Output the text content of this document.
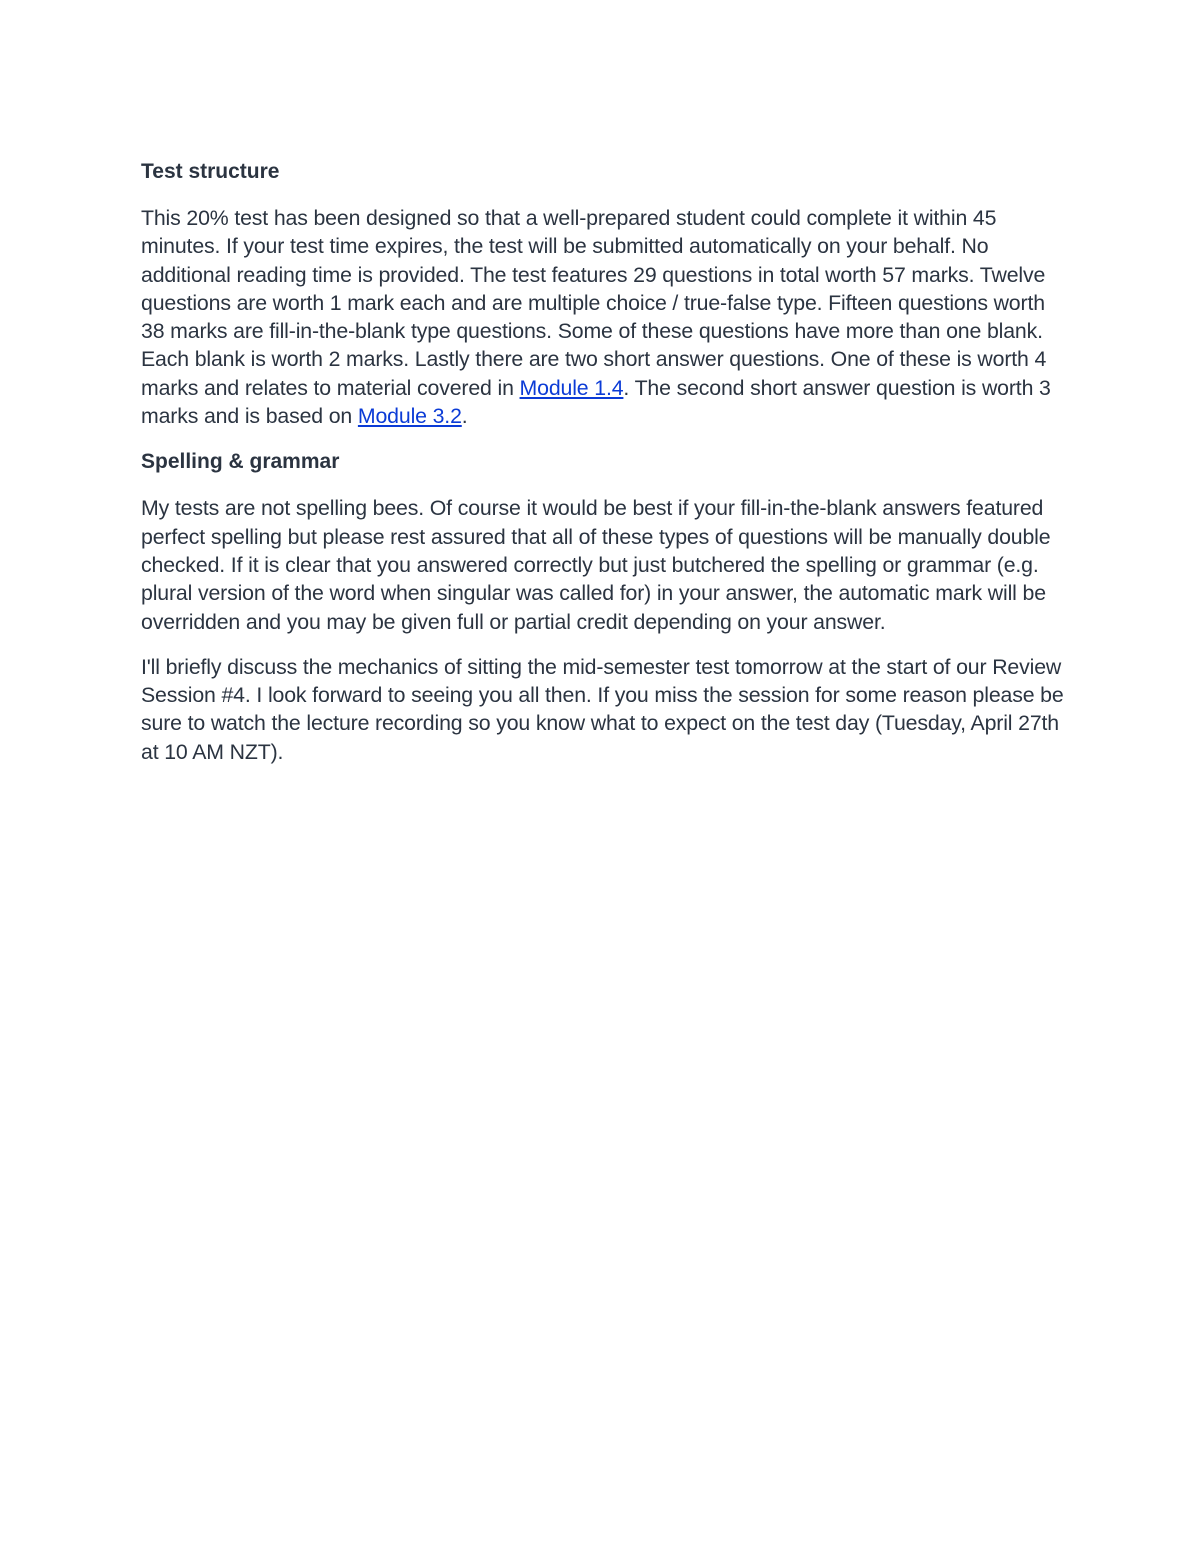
Test structure

This 20% test has been designed so that a well-prepared student could complete it within 45 minutes. If your test time expires, the test will be submitted automatically on your behalf. No additional reading time is provided. The test features 29 questions in total worth 57 marks. Twelve questions are worth 1 mark each and are multiple choice / true-false type. Fifteen questions worth 38 marks are fill-in-the-blank type questions. Some of these questions have more than one blank. Each blank is worth 2 marks. Lastly there are two short answer questions. One of these is worth 4 marks and relates to material covered in Module 1.4. The second short answer question is worth 3 marks and is based on Module 3.2.

Spelling & grammar

My tests are not spelling bees. Of course it would be best if your fill-in-the-blank answers featured perfect spelling but please rest assured that all of these types of questions will be manually double checked. If it is clear that you answered correctly but just butchered the spelling or grammar (e.g. plural version of the word when singular was called for) in your answer, the automatic mark will be overridden and you may be given full or partial credit depending on your answer.

I'll briefly discuss the mechanics of sitting the mid-semester test tomorrow at the start of our Review Session #4. I look forward to seeing you all then. If you miss the session for some reason please be sure to watch the lecture recording so you know what to expect on the test day (Tuesday, April 27th at 10 AM NZT).
